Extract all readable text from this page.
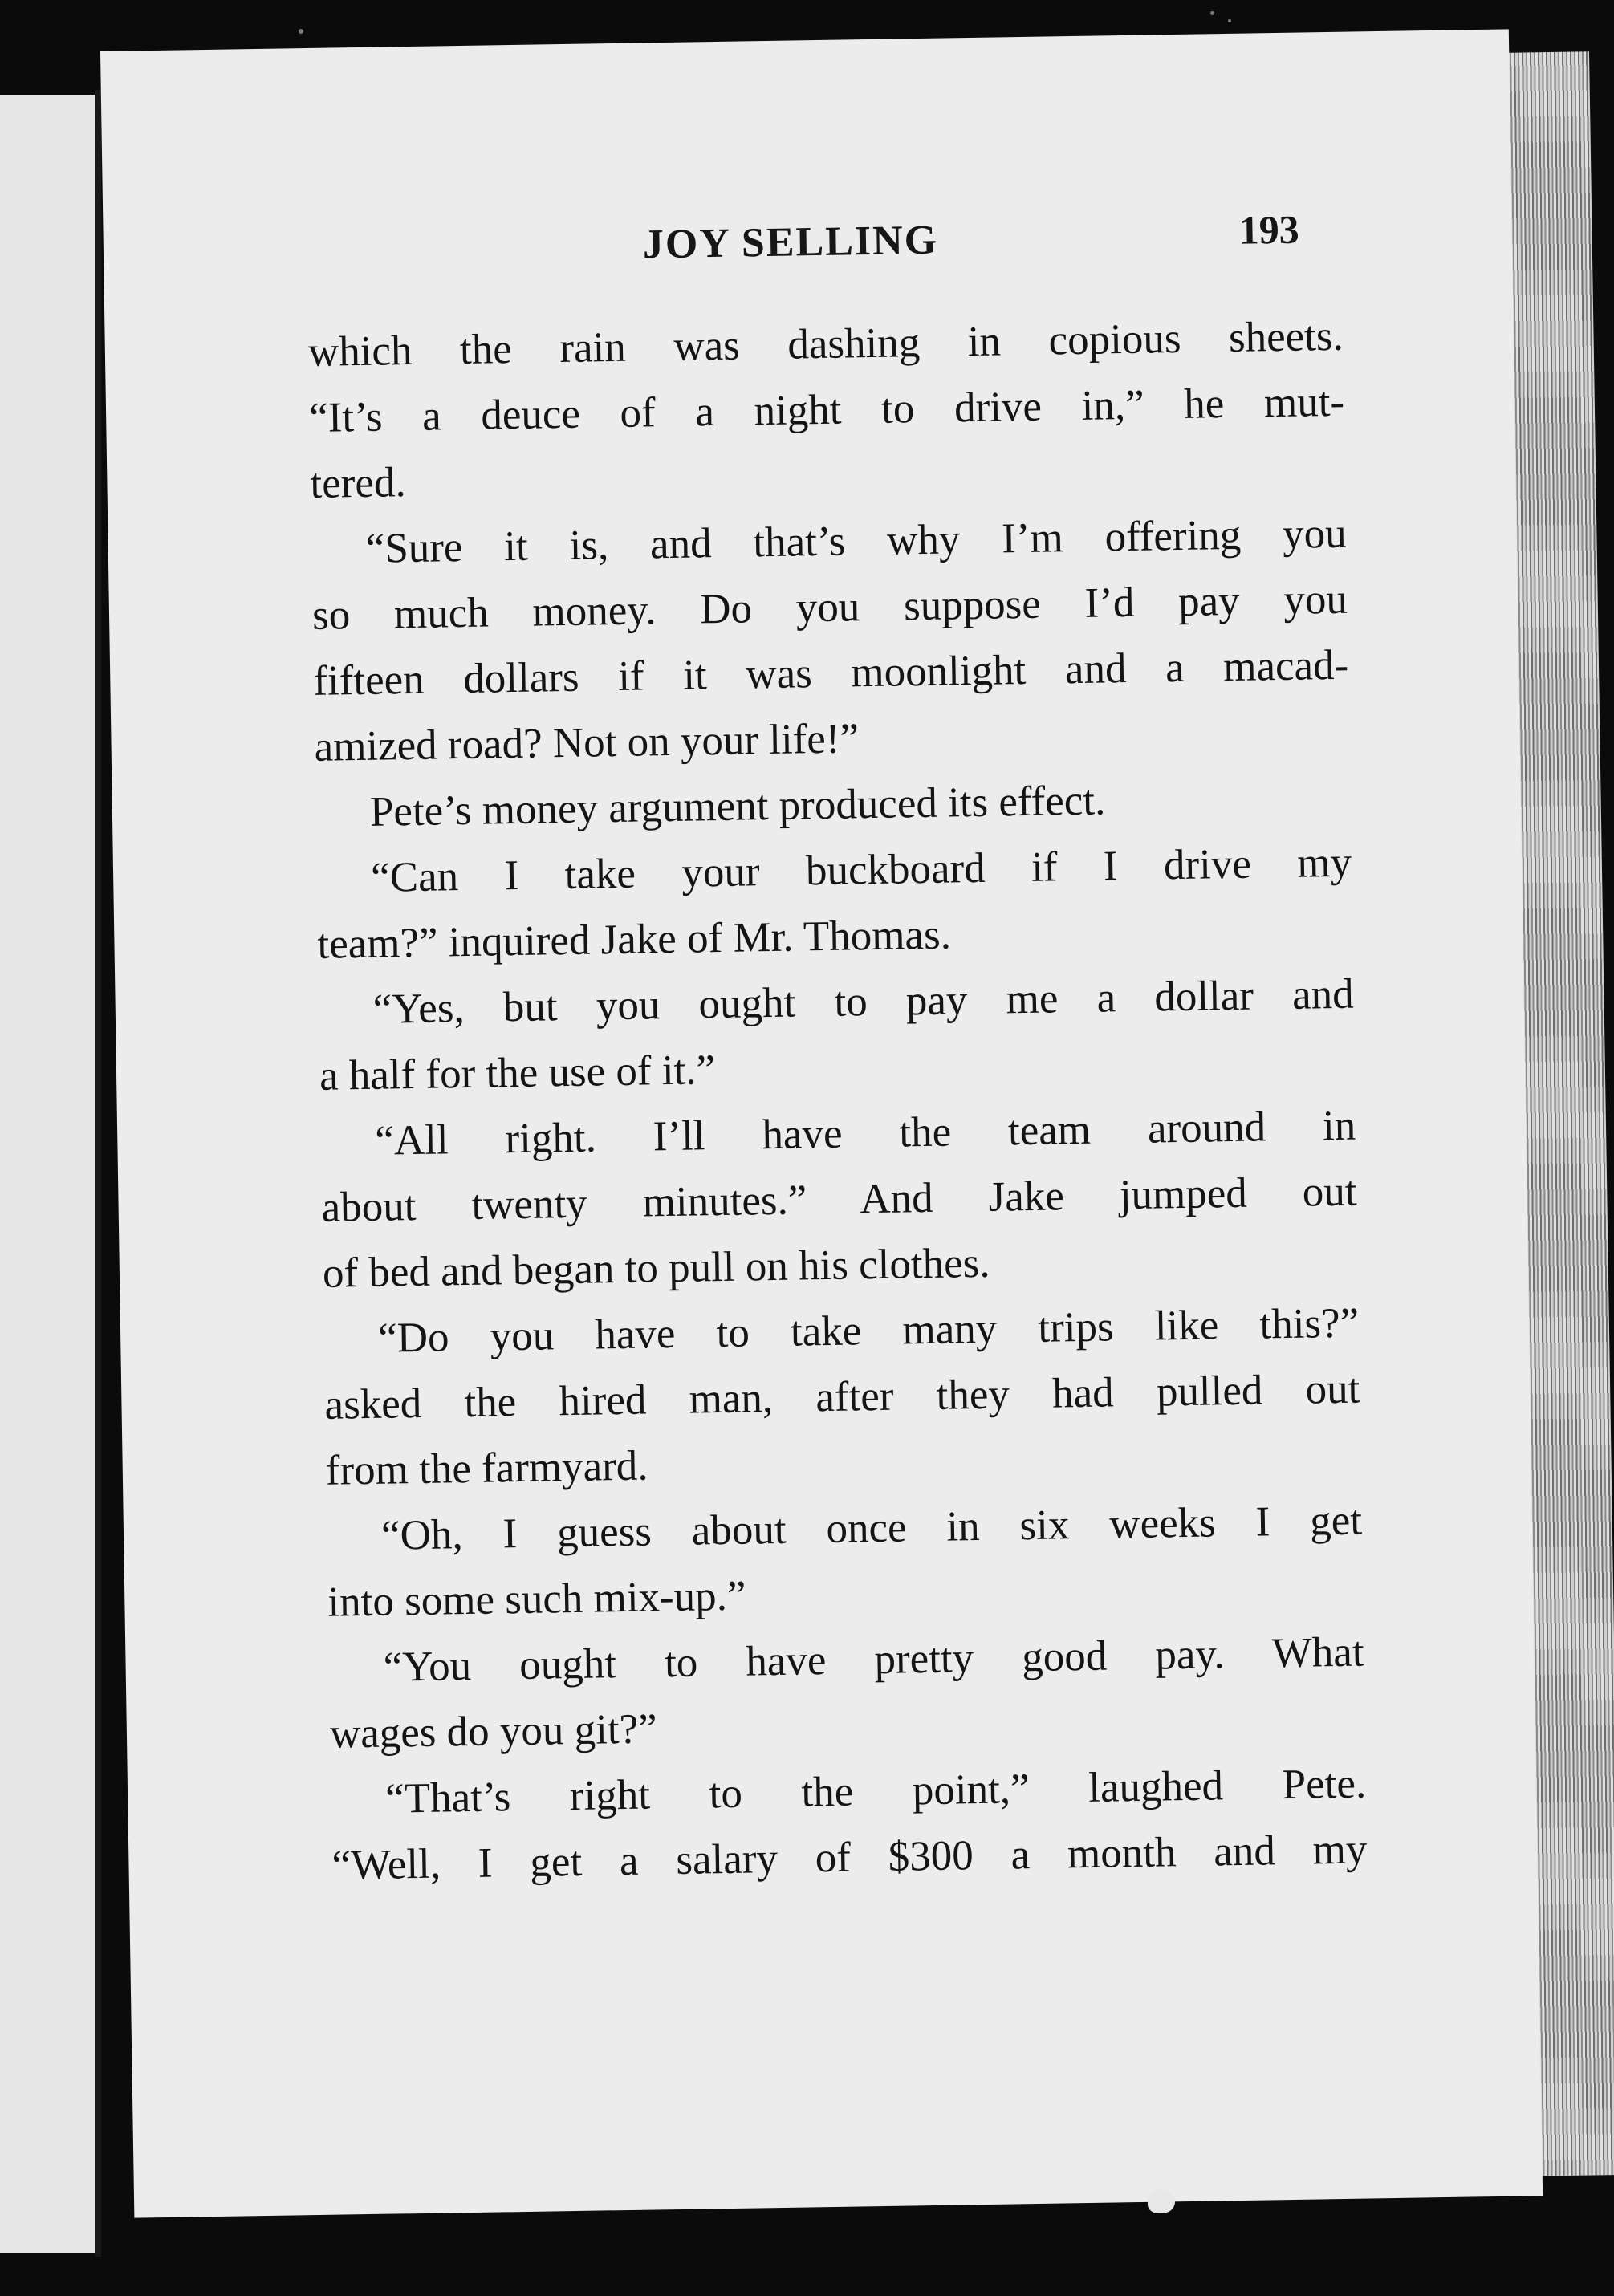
JOY SELLING	193
which the rain was dashing in copious sheets.
“It’s a deuce of a night to drive in,” he mut-
tered.
“Sure it is, and that’s why I’m offering you
so much money. Do you suppose I’d pay you
fifteen dollars if it was moonlight and a macad-
amized road? Not on your life!”
Pete’s money argument produced its effect.
“Can I take your buckboard if I drive my
team?” inquired Jake of Mr. Thomas.
“Yes, but you ought to pay me a dollar and
a half for the use of it.”
“All right. I’ll have the team around in
about twenty minutes.” And Jake jumped out
of bed and began to pull on his clothes.
“Do you have to take many trips like this?”
asked the hired man, after they had pulled out
from the farmyard.
“Oh, I guess about once in six weeks I get
into some such mix-up.”
“You ought to have pretty good pay. What
wages do you git?”
“That’s right to the point,” laughed Pete.
“Well, I get a salary of $300 a month and my
